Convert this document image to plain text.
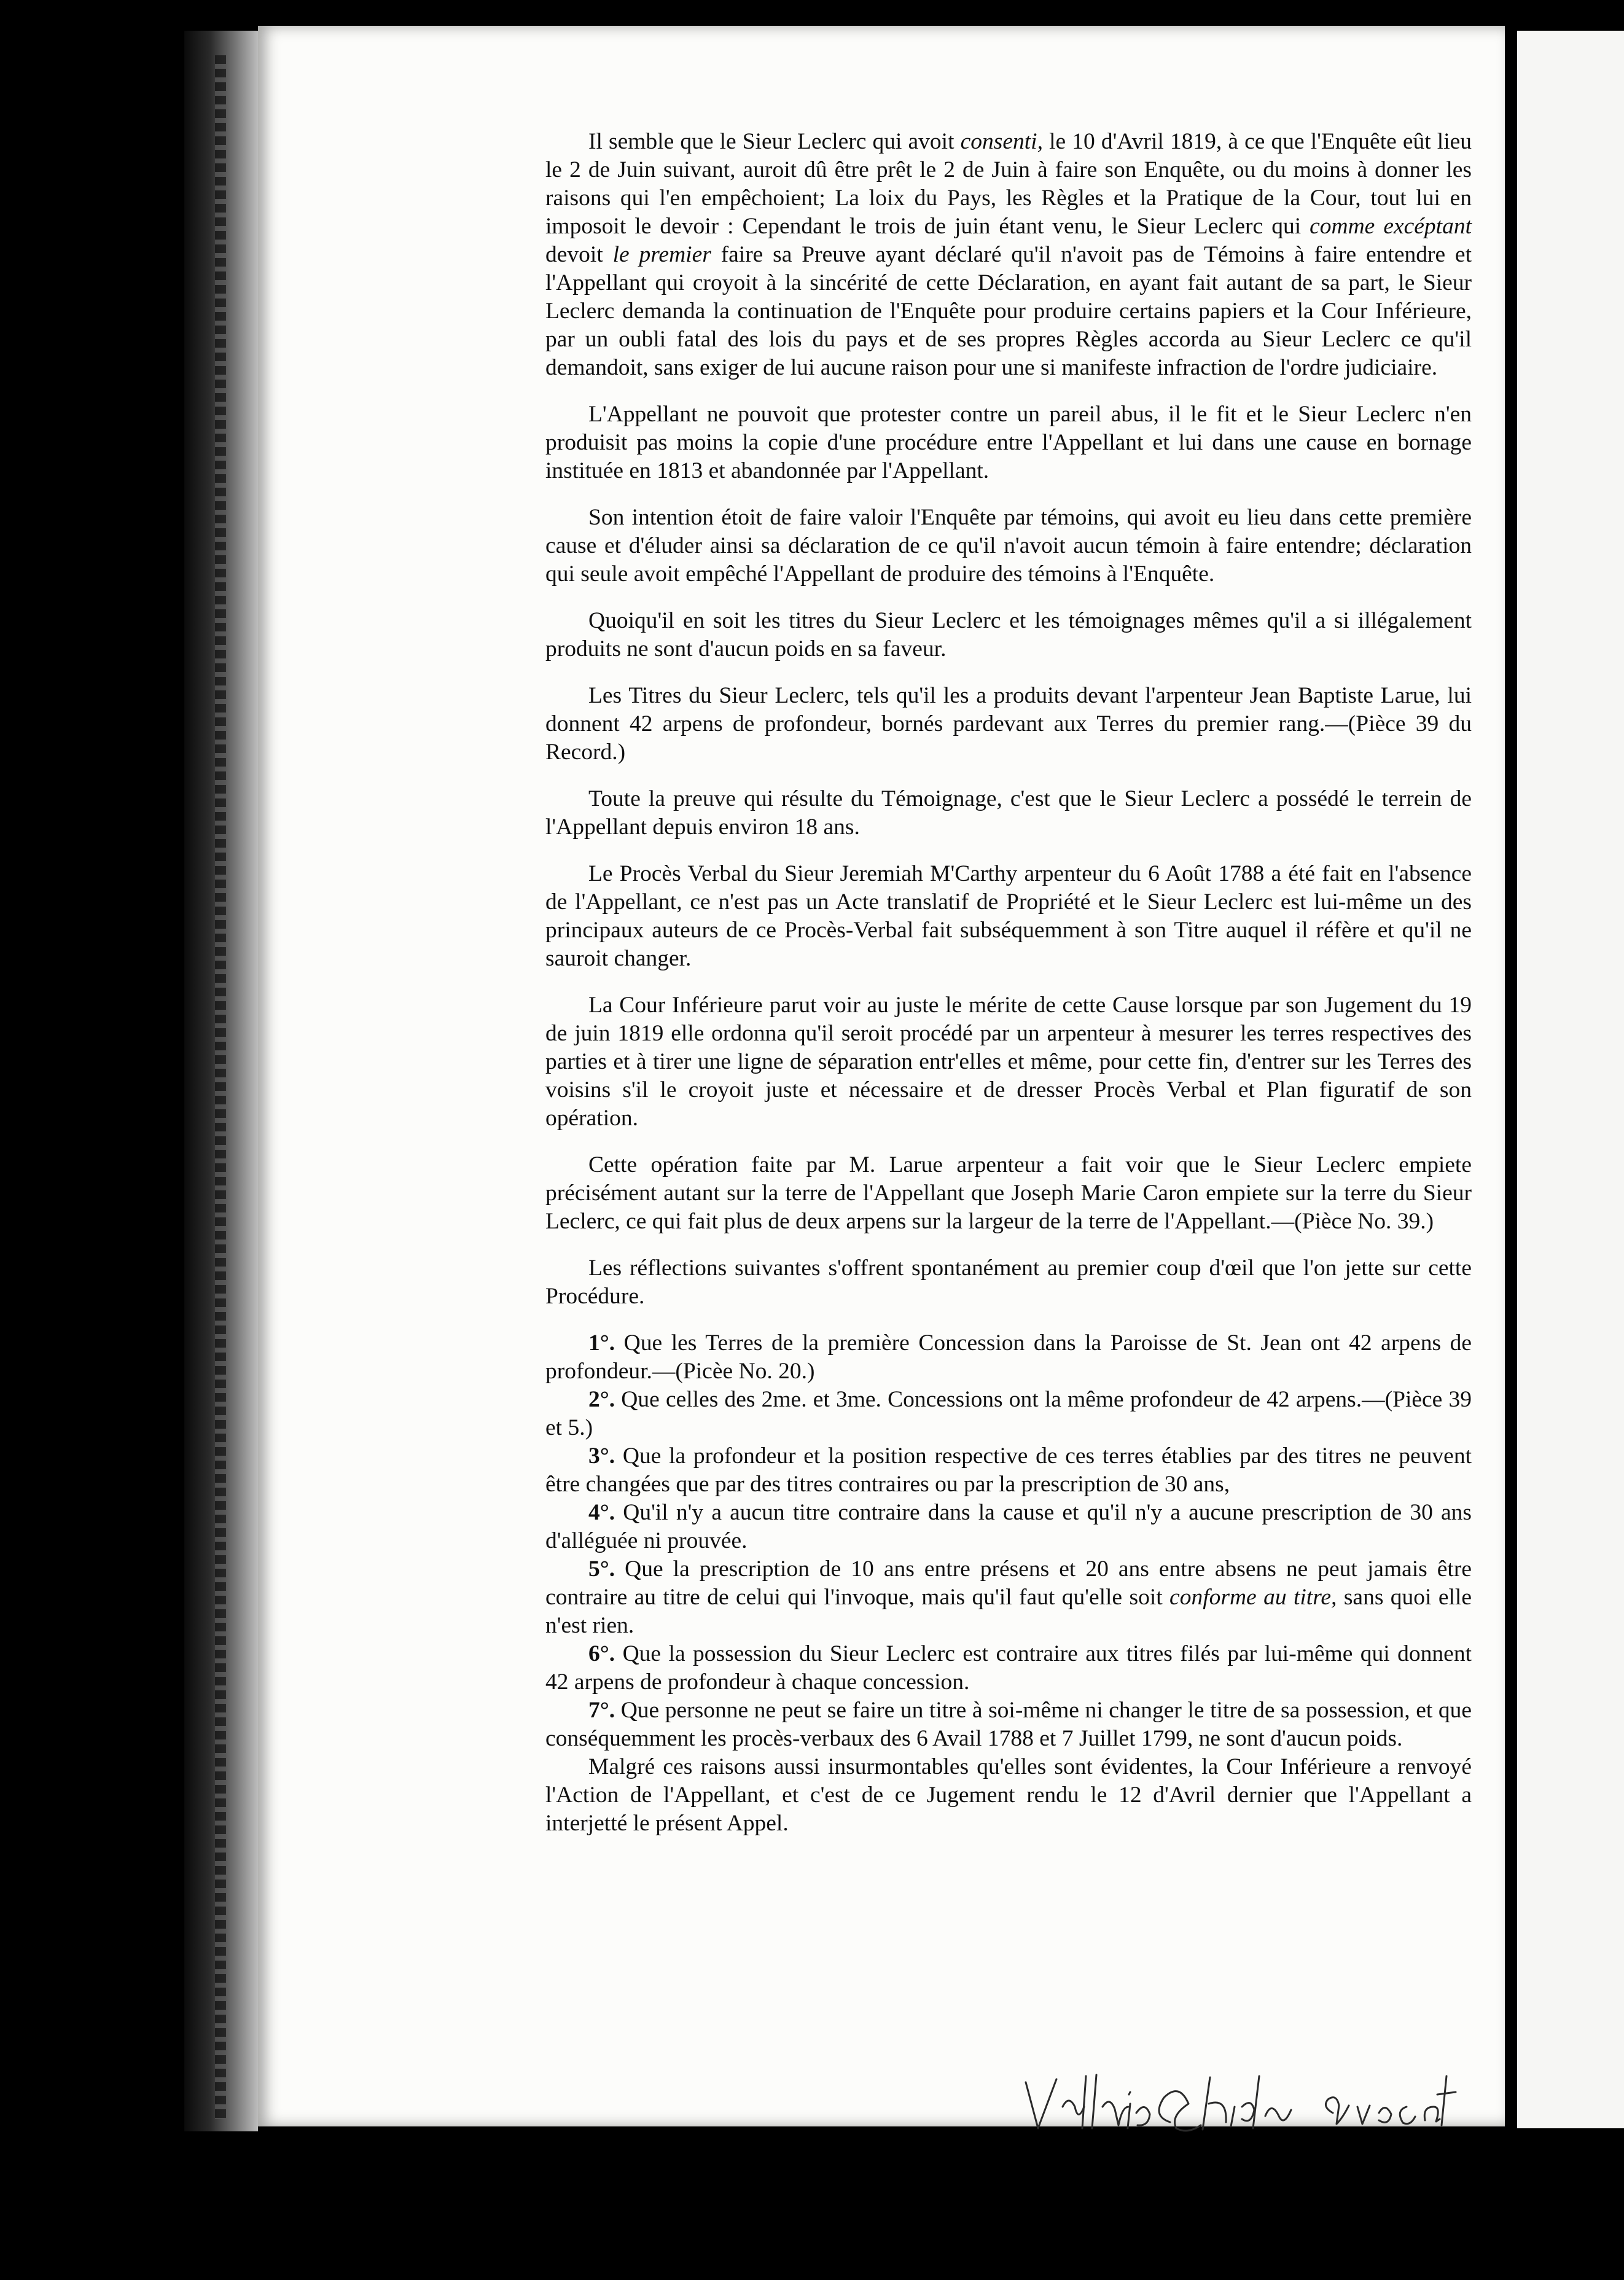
Il semble que le Sieur Leclerc qui avoit consenti, le 10 d'Avril 1819, à ce que l'Enquête eût lieu le 2 de Juin suivant, auroit dû être prêt le 2 de Juin à faire son Enquête, ou du moins à donner les raisons qui l'en empêchoient; La loix du Pays, les Règles et la Pratique de la Cour, tout lui en imposoit le devoir : Cependant le trois de juin étant venu, le Sieur Leclerc qui comme excéptant devoit le premier faire sa Preuve ayant déclaré qu'il n'avoit pas de Témoins à faire entendre et l'Appellant qui croyoit à la sincérité de cette Déclaration, en ayant fait autant de sa part, le Sieur Leclerc demanda la continuation de l'Enquête pour produire certains papiers et la Cour Inférieure, par un oubli fatal des lois du pays et de ses propres Règles accorda au Sieur Leclerc ce qu'il demandoit, sans exiger de lui aucune raison pour une si manifeste infraction de l'ordre judiciaire.

L'Appellant ne pouvoit que protester contre un pareil abus, il le fit et le Sieur Leclerc n'en produisit pas moins la copie d'une procédure entre l'Appellant et lui dans une cause en bornage instituée en 1813 et abandonnée par l'Appellant.

Son intention étoit de faire valoir l'Enquête par témoins, qui avoit eu lieu dans cette première cause et d'éluder ainsi sa déclaration de ce qu'il n'avoit aucun témoin à faire entendre; déclaration qui seule avoit empêché l'Appellant de produire des témoins à l'Enquête.

Quoiqu'il en soit les titres du Sieur Leclerc et les témoignages mêmes qu'il a si illégalement produits ne sont d'aucun poids en sa faveur.

Les Titres du Sieur Leclerc, tels qu'il les a produits devant l'arpenteur Jean Baptiste Larue, lui donnent 42 arpens de profondeur, bornés pardevant aux Terres du premier rang.—(Pièce 39 du Record.)

Toute la preuve qui résulte du Témoignage, c'est que le Sieur Leclerc a possédé le terrein de l'Appellant depuis environ 18 ans.

Le Procès Verbal du Sieur Jeremiah M'Carthy arpenteur du 6 Août 1788 a été fait en l'absence de l'Appellant, ce n'est pas un Acte translatif de Propriété et le Sieur Leclerc est lui-même un des principaux auteurs de ce Procès-Verbal fait subséquemment à son Titre auquel il réfère et qu'il ne sauroit changer.

La Cour Inférieure parut voir au juste le mérite de cette Cause lorsque par son Jugement du 19 de juin 1819 elle ordonna qu'il seroit procédé par un arpenteur à mesurer les terres respectives des parties et à tirer une ligne de séparation entr'elles et même, pour cette fin, d'entrer sur les Terres des voisins s'il le croyoit juste et nécessaire et de dresser Procès Verbal et Plan figuratif de son opération.

Cette opération faite par M. Larue arpenteur a fait voir que le Sieur Leclerc empiete précisément autant sur la terre de l'Appellant que Joseph Marie Caron empiete sur la terre du Sieur Leclerc, ce qui fait plus de deux arpens sur la largeur de la terre de l'Appellant.—(Pièce No. 39.)

Les réflections suivantes s'offrent spontanément au premier coup d'œil que l'on jette sur cette Procédure.

1°. Que les Terres de la première Concession dans la Paroisse de St. Jean ont 42 arpens de profondeur.—(Picèe No. 20.)
2°. Que celles des 2me. et 3me. Concessions ont la même profondeur de 42 arpens.—(Pièce 39 et 5.)
3°. Que la profondeur et la position respective de ces terres établies par des titres ne peuvent être changées que par des titres contraires ou par la prescription de 30 ans,
4°. Qu'il n'y a aucun titre contraire dans la cause et qu'il n'y a aucune prescription de 30 ans d'alléguée ni prouvée.
5°. Que la prescription de 10 ans entre présens et 20 ans entre absens ne peut jamais être contraire au titre de celui qui l'invoque, mais qu'il faut qu'elle soit conforme au titre, sans quoi elle n'est rien.
6°. Que la possession du Sieur Leclerc est contraire aux titres filés par lui-même qui donnent 42 arpens de profondeur à chaque concession.
7°. Que personne ne peut se faire un titre à soi-même ni changer le titre de sa possession, et que conséquemment les procès-verbaux des 6 Avail 1788 et 7 Juillet 1799, ne sont d'aucun poids.

Malgré ces raisons aussi insurmontables qu'elles sont évidentes, la Cour Inférieure a renvoyé l'Action de l'Appellant, et c'est de ce Jugement rendu le 12 d'Avril dernier que l'Appellant a interjetté le présent Appel.
